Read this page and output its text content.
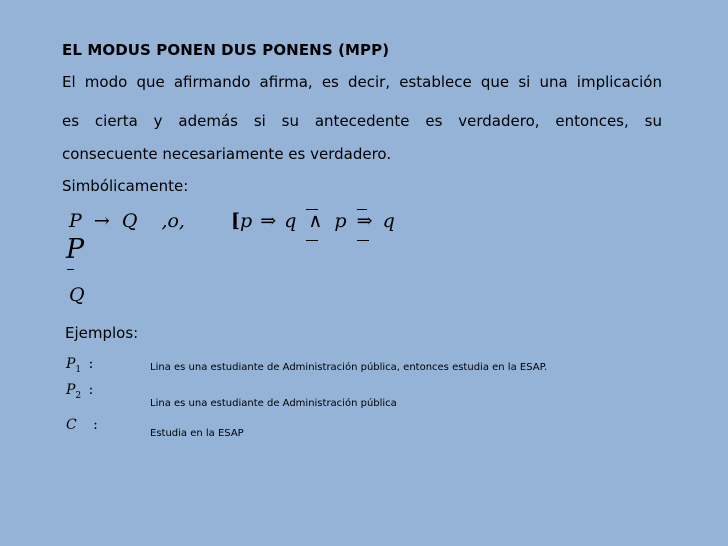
EL MODUS PONEN DUS PONENS (MPP)
El modo que afirmando afirma, es decir, establece que si una implicación
es cierta y además si su antecedente es verdadero, entonces, su
consecuente necesariamente es verdadero.
Simbólicamente:
P → Q ,o, [p ⇒ q ∧ p ⇒ q
P
Q
Ejemplos:
$P_1$ :	Lina es una estudiante de Administración pública, entonces estudia en la ESAP.
$P_2$ :
Lina es una estudiante de Administración pública
C :
Estudia en la ESAP
